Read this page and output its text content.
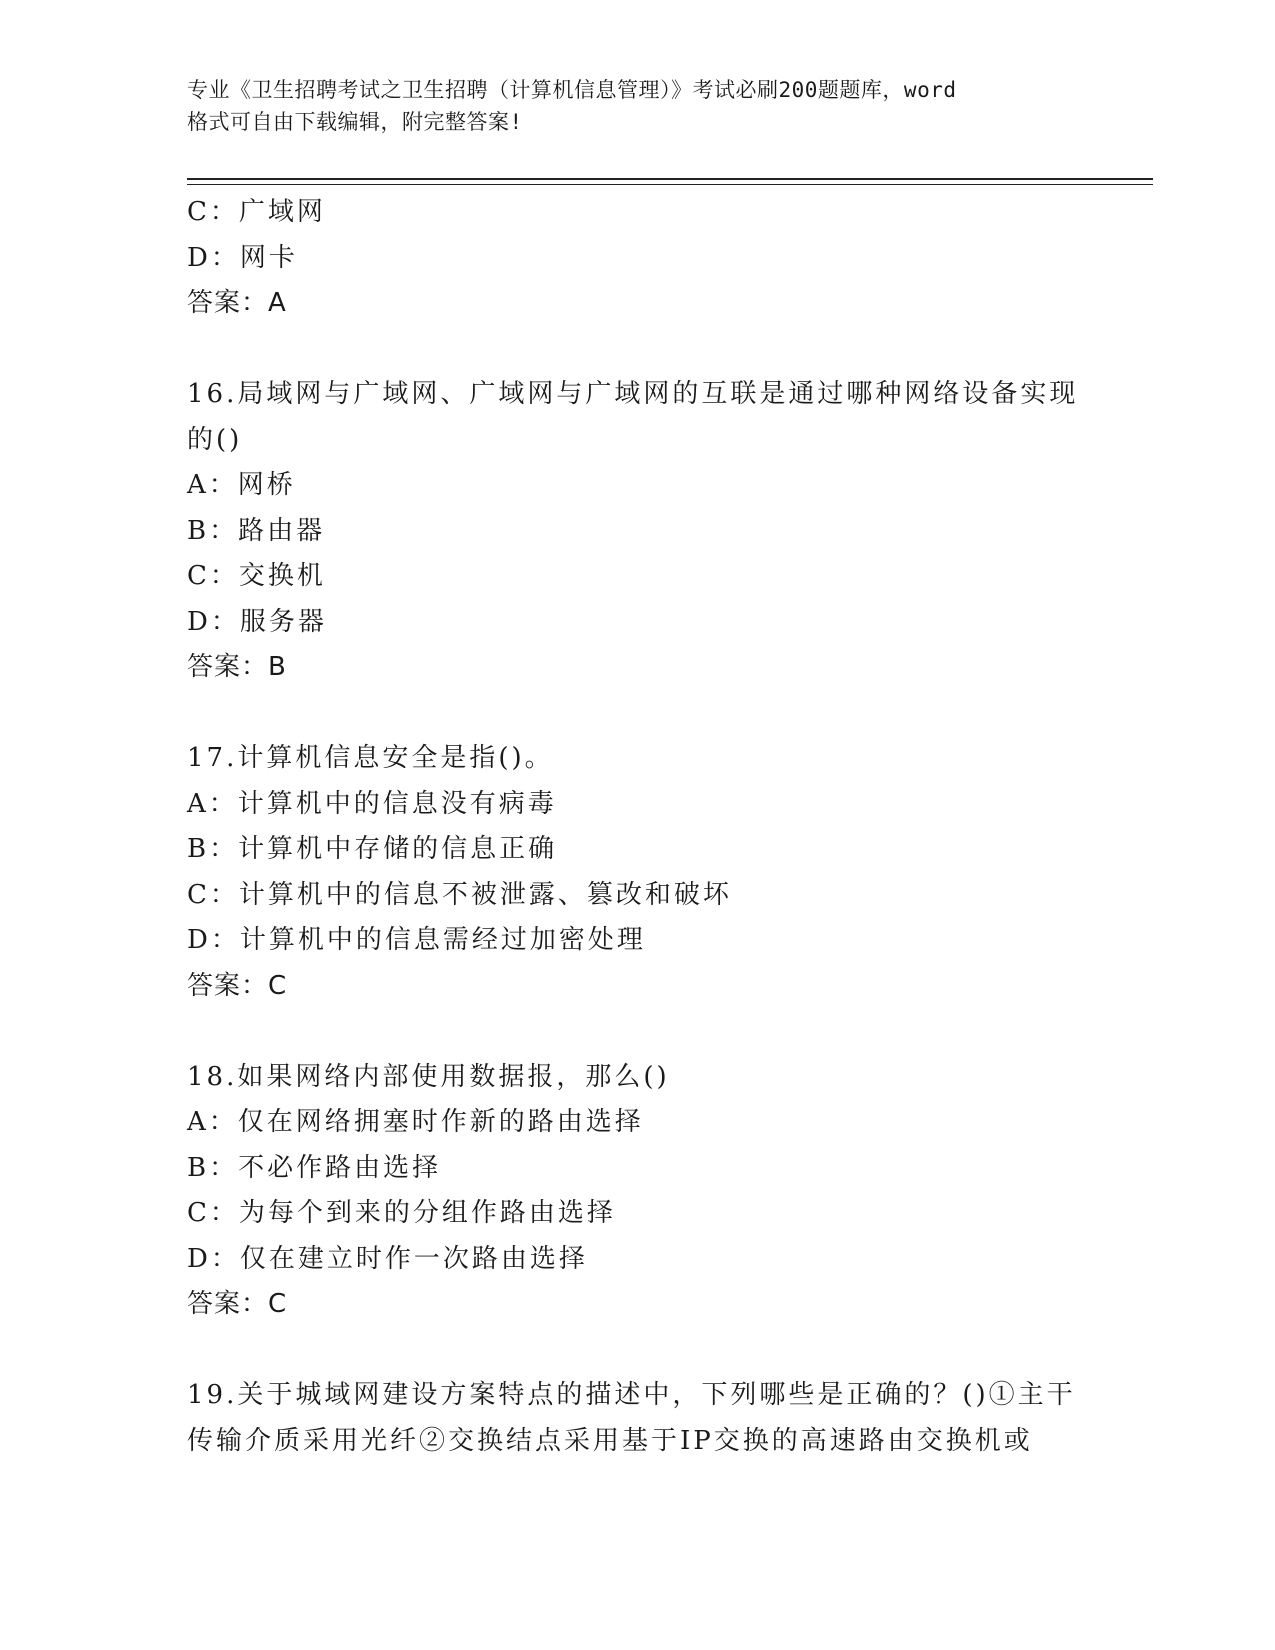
专业《卫生招聘考试之卫生招聘（计算机信息管理）》考试必刷200题题库，word
格式可自由下载编辑，附完整答案!
C：广域网
D：网卡
答案：A
16.局域网与广域网、广域网与广域网的互联是通过哪种网络设备实现
的()
A：网桥
B：路由器
C：交换机
D：服务器
答案：B
17.计算机信息安全是指()。
A：计算机中的信息没有病毒
B：计算机中存储的信息正确
C：计算机中的信息不被泄露、篡改和破坏
D：计算机中的信息需经过加密处理
答案：C
18.如果网络内部使用数据报，那么()
A：仅在网络拥塞时作新的路由选择
B：不必作路由选择
C：为每个到来的分组作路由选择
D：仅在建立时作一次路由选择
答案：C
19.关于城域网建设方案特点的描述中，下列哪些是正确的？()①主干
传输介质采用光纤②交换结点采用基于IP交换的高速路由交换机或
